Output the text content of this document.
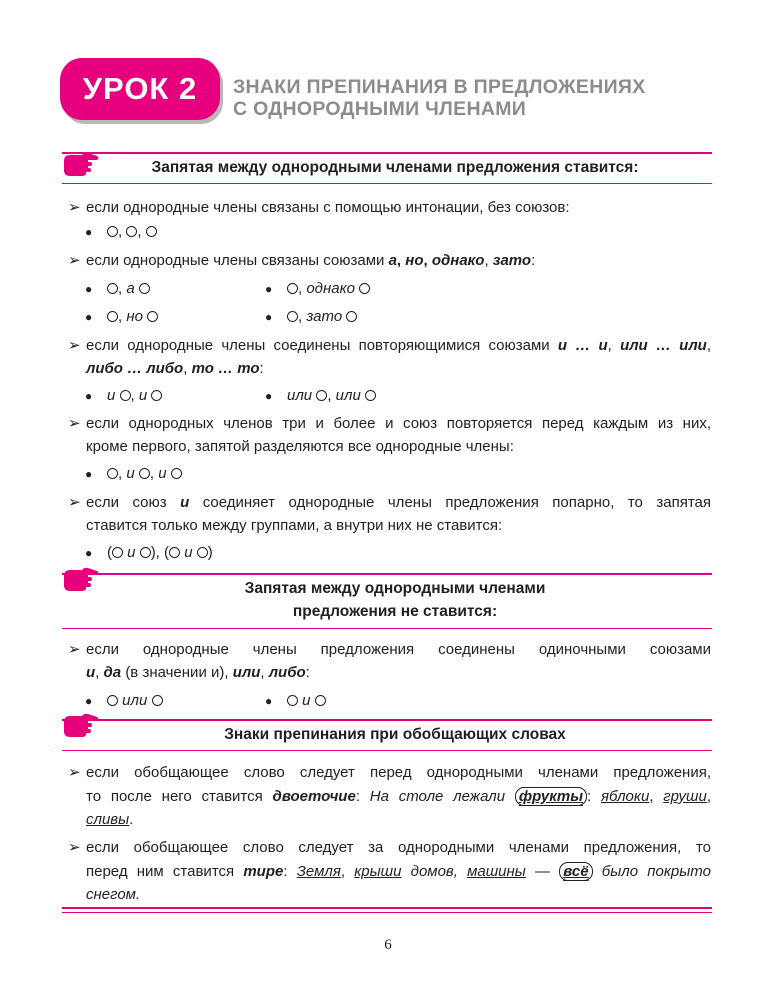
УРОК 2 ЗНАКИ ПРЕПИНАНИЯ В ПРЕДЛОЖЕНИЯХ
С ОДНОРОДНЫМИ ЧЛЕНАМИ
Запятая между однородными членами предложения ставится:
➢ если однородные члены связаны с помощью интонации, без союзов:
● , ,
➢ если однородные члены связаны союзами а, но, однако, зато:
● , а	● , однако
● , но	● , зато
➢ если однородные члены соединены повторяющимися союзами и … и, или … или,
либо … либо, то … то:
● и , и	● или , или
➢ если однородных членов три и более и союз повторяется перед каждым из них,
кроме первого, запятой разделяются все однородные члены:
● , и , и
➢ если союз и соединяет однородные члены предложения попарно, то запятая
ставится только между группами, а внутри них не ставится:
● ( и ), ( и )
Запятая между однородными членами
предложения не ставится:
➢ если однородные члены предложения соединены одиночными союзами
и, да (в значении и), или, либо:
● или	● и
Знаки препинания при обобщающих словах
➢ если обобщающее слово следует перед однородными членами предложения,
то после него ставится двоеточие: На столе лежали фрукты : яблоки, груши,
сливы.
➢ если обобщающее слово следует за однородными членами предложения, то
перед ним ставится тире: Земля, крыши домов, машины — всё было покрыто
снегом.
6
